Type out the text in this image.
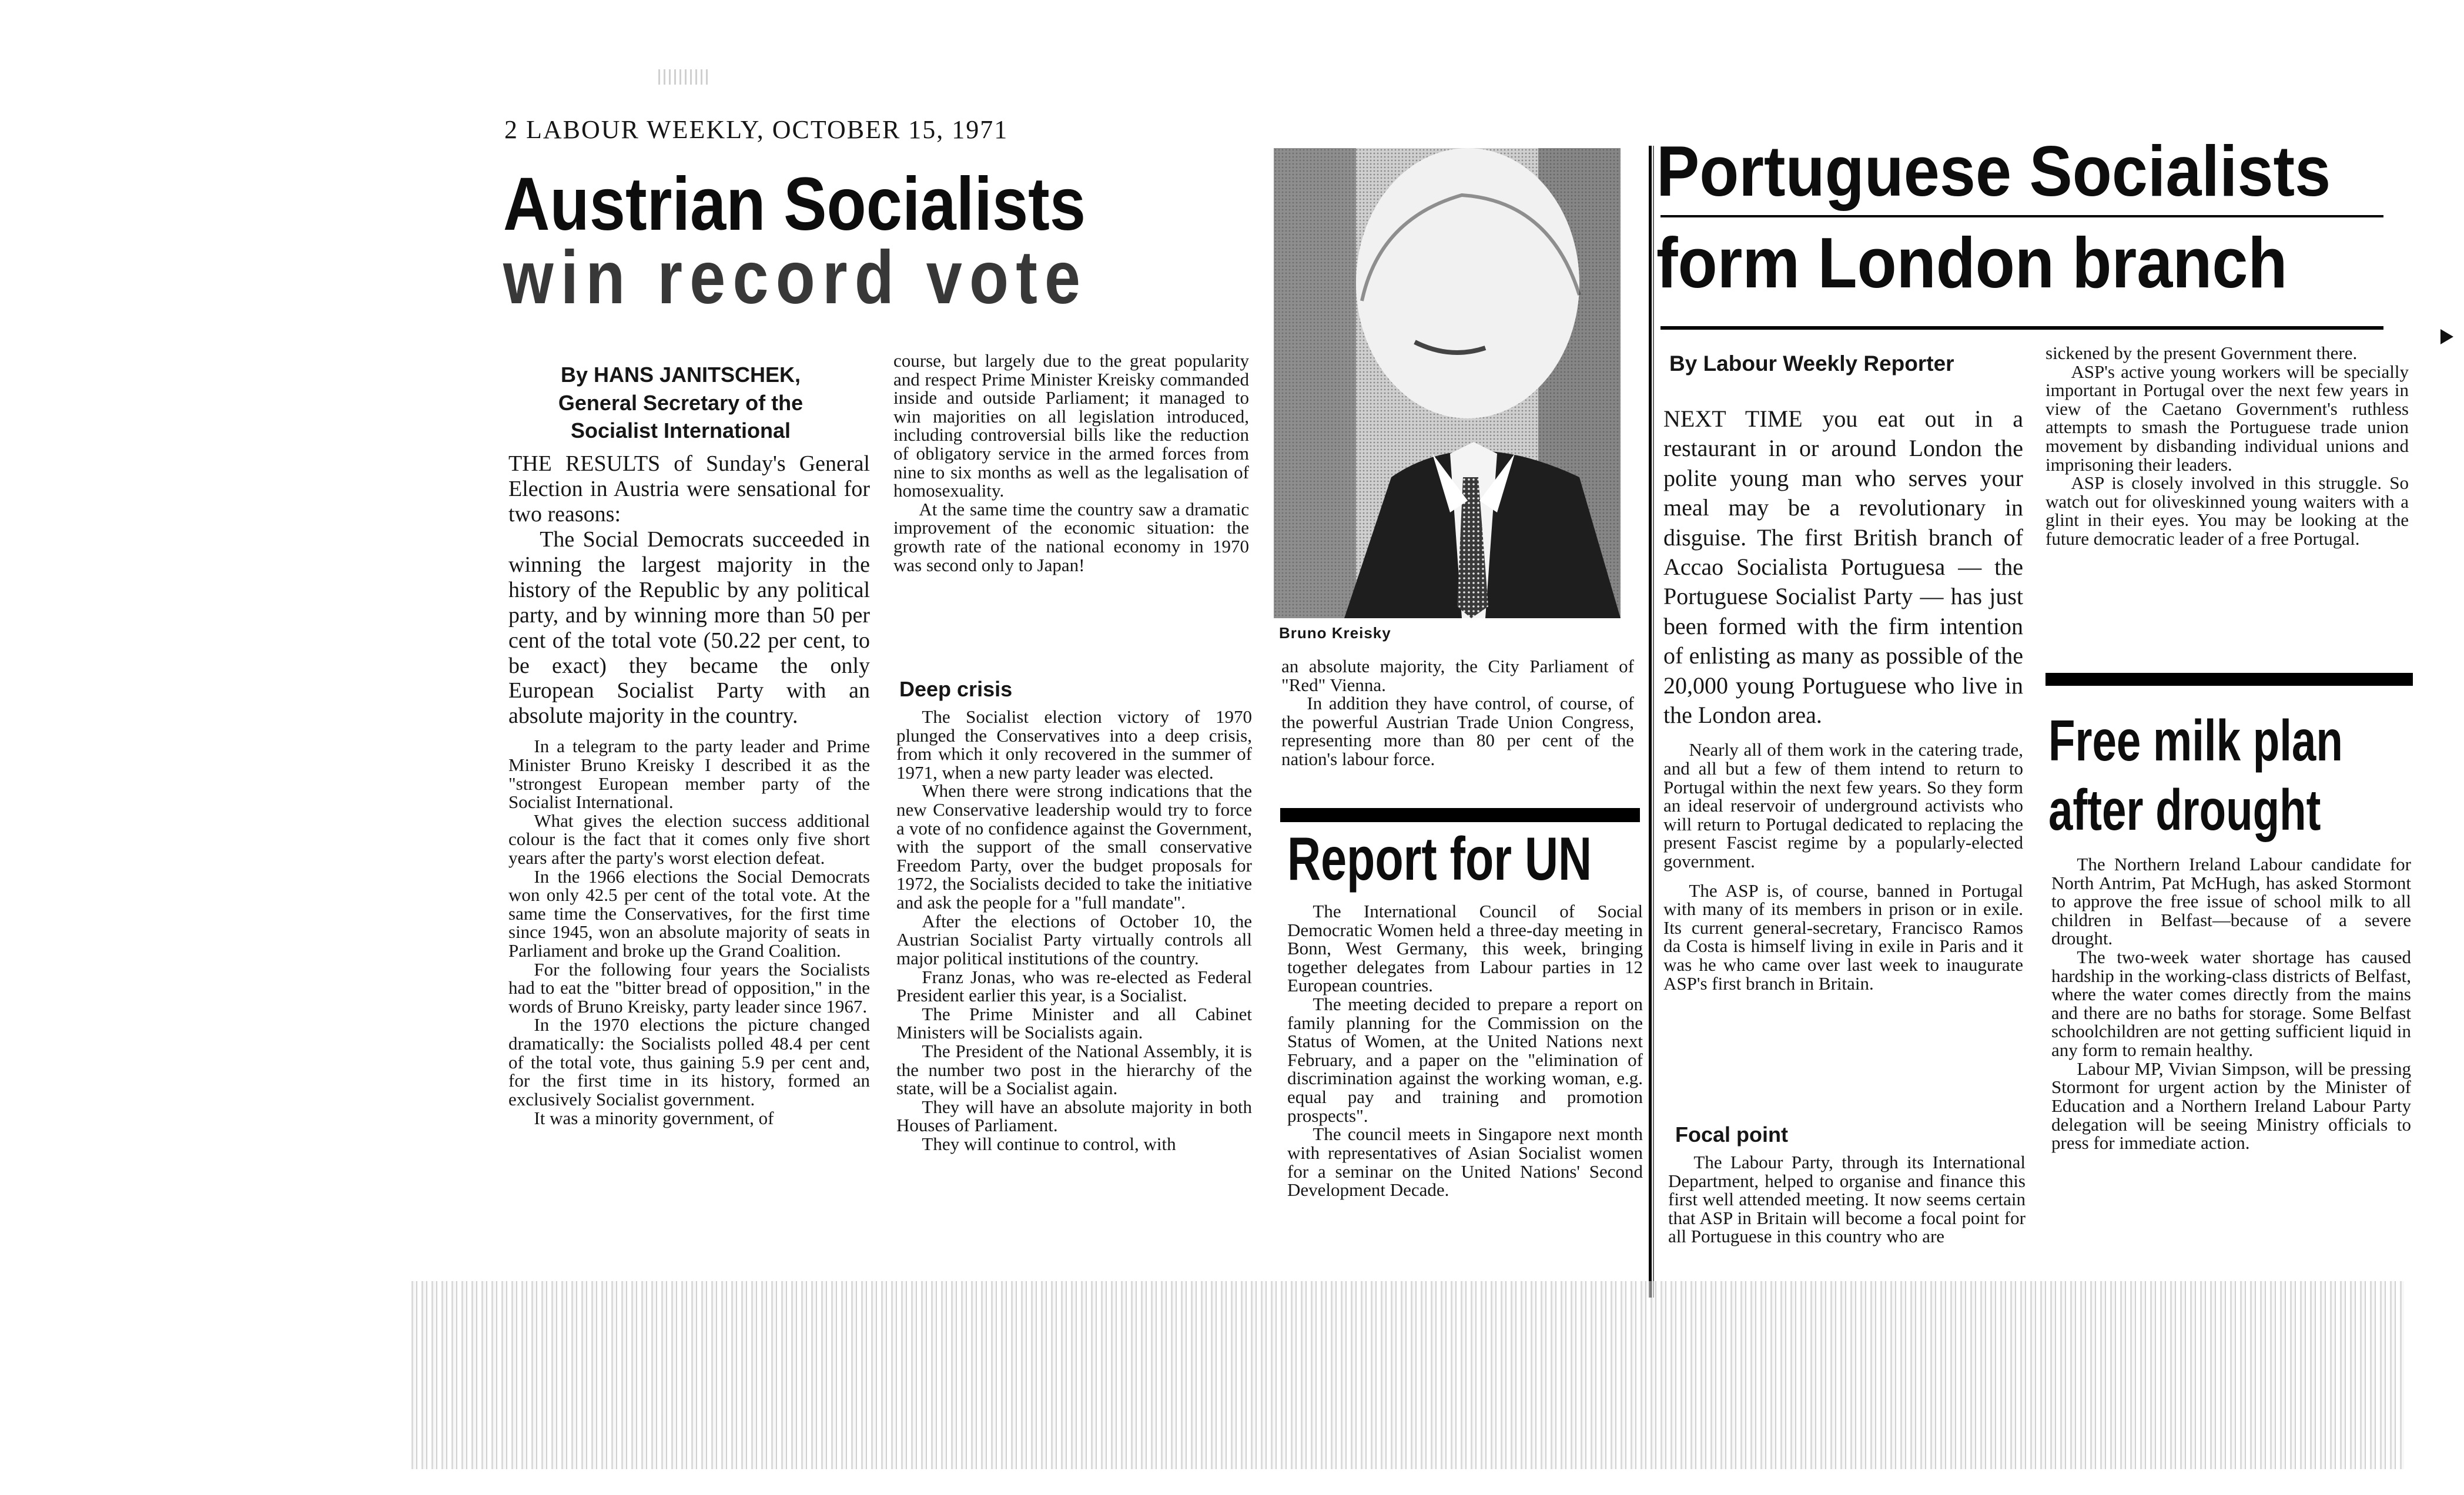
2 LABOUR WEEKLY, OCTOBER 15, 1971
Austrian Socialists
win record vote
By HANS JANITSCHEK,
General Secretary of the
Socialist International

THE RESULTS of Sunday's General Election in Austria were sensational for two reasons:

The Social Democrats succeeded in winning the largest majority in the history of the Republic by any political party, and by winning more than 50 per cent of the total vote (50.22 per cent, to be exact) they became the only European Socialist Party with an absolute majority in the country.

In a telegram to the party leader and Prime Minister Bruno Kreisky I described it as the "strongest European member party of the Socialist International.

What gives the election success additional colour is the fact that it comes only five short years after the party's worst election defeat.

In the 1966 elections the Social Democrats won only 42.5 per cent of the total vote. At the same time the Conservatives, for the first time since 1945, won an absolute majority of seats in Parliament and broke up the Grand Coalition.

For the following four years the Socialists had to eat the "bitter bread of opposition," in the words of Bruno Kreisky, party leader since 1967.

In the 1970 elections the picture changed dramatically: the Socialists polled 48.4 per cent of the total vote, thus gaining 5.9 per cent and, for the first time in its history, formed an exclusively Socialist government.

It was a minority government, of

course, but largely due to the great popularity and respect Prime Minister Kreisky commanded inside and outside Parliament; it managed to win majorities on all legislation introduced, including controversial bills like the reduction of obligatory service in the armed forces from nine to six months as well as the legalisation of homosexuality.

At the same time the country saw a dramatic improvement of the economic situation: the growth rate of the national economy in 1970 was second only to Japan!

Deep crisis

The Socialist election victory of 1970 plunged the Conservatives into a deep crisis, from which it only recovered in the summer of 1971, when a new party leader was elected.

When there were strong indications that the new Conservative leadership would try to force a vote of no confidence against the Government, with the support of the small conservative Freedom Party, over the budget proposals for 1972, the Socialists decided to take the initiative and ask the people for a "full mandate".

After the elections of October 10, the Austrian Socialist Party virtually controls all major political institutions of the country.

Franz Jonas, who was re-elected as Federal President earlier this year, is a Socialist.

The Prime Minister and all Cabinet Ministers will be Socialists again.

The President of the National Assembly, it is the number two post in the hierarchy of the state, will be a Socialist again.

They will have an absolute majority in both Houses of Parliament.

They will continue to control, with

Bruno Kreisky

an absolute majority, the City Parliament of "Red" Vienna.

In addition they have control, of course, of the powerful Austrian Trade Union Congress, representing more than 80 per cent of the nation's labour force.

Report for UN

The International Council of Social Democratic Women held a three-day meeting in Bonn, West Germany, this week, bringing together delegates from Labour parties in 12 European countries.

The meeting decided to prepare a report on family planning for the Commission on the Status of Women, at the United Nations next February, and a paper on the "elimination of discrimination against the working woman, e.g. equal pay and training and promotion prospects".

The council meets in Singapore next month with representatives of Asian Socialist women for a seminar on the United Nations' Second Development Decade.

Portuguese Socialists
form London branch
By Labour Weekly Reporter

NEXT TIME you eat out in a restaurant in or around London the polite young man who serves your meal may be a revolutionary in disguise. The first British branch of Accao Socialista Portuguesa — the Portuguese Socialist Party — has just been formed with the firm intention of enlisting as many as possible of the 20,000 young Portuguese who live in the London area.

Nearly all of them work in the catering trade, and all but a few of them intend to return to Portugal within the next few years. So they form an ideal reservoir of underground activists who will return to Portugal dedicated to replacing the present Fascist regime by a popularly-elected government.

The ASP is, of course, banned in Portugal with many of its members in prison or in exile. Its current general-secretary, Francisco Ramos da Costa is himself living in exile in Paris and it was he who came over last week to inaugurate ASP's first branch in Britain.

Focal point

The Labour Party, through its International Department, helped to organise and finance this first well attended meeting. It now seems certain that ASP in Britain will become a focal point for all Portuguese in this country who are

sickened by the present Government there.

ASP's active young workers will be specially important in Portugal over the next few years in view of the Caetano Government's ruthless attempts to smash the Portuguese trade union movement by disbanding individual unions and imprisoning their leaders.

ASP is closely involved in this struggle. So watch out for oliveskinned young waiters with a glint in their eyes. You may be looking at the future democratic leader of a free Portugal.

Free milk plan
after drought

The Northern Ireland Labour candidate for North Antrim, Pat McHugh, has asked Stormont to approve the free issue of school milk to all children in Belfast—because of a severe drought.

The two-week water shortage has caused hardship in the working-class districts of Belfast, where the water comes directly from the mains and there are no baths for storage. Some Belfast schoolchildren are not getting sufficient liquid in any form to remain healthy.

Labour MP, Vivian Simpson, will be pressing Stormont for urgent action by the Minister of Education and a Northern Ireland Labour Party delegation will be seeing Ministry officials to press for immediate action.
